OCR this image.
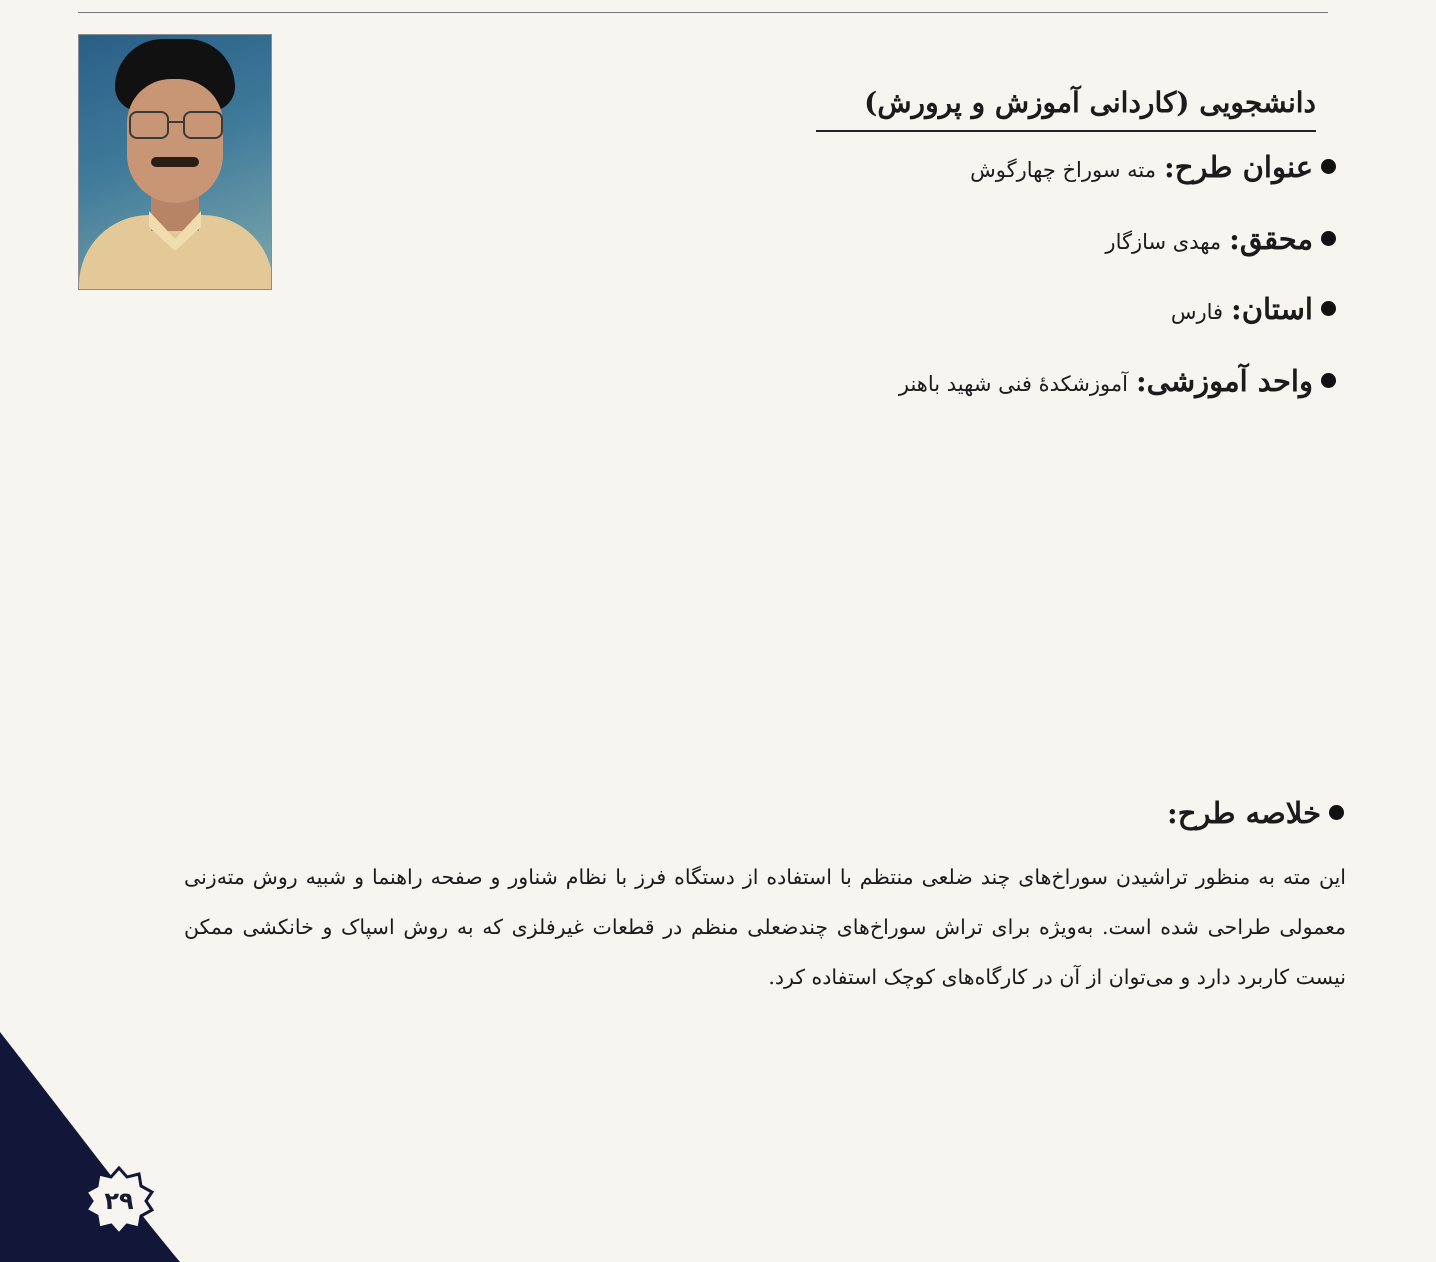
دانشجویی (کاردانی آموزش و پرورش)
عنوان طرح:
مته سوراخ چهارگوش
محقق:
مهدی سازگار
استان:
فارس
واحد آموزشی:
آموزشکدۀ فنی شهید باهنر
خلاصه طرح:
این مته به منظور تراشیدن سوراخ‌های چند ضلعی منتظم با استفاده از دستگاه فرز با نظام شناور و صفحه راهنما و شبیه روش مته‌زنی معمولی طراحی شده است. به‌ویژه برای تراش سوراخ‌های چندضعلی منظم در قطعات غیرفلزی که به روش اسپاک و خانکشی ممکن نیست کاربرد دارد و می‌توان از آن در کارگاه‌های کوچک استفاده کرد.
۲۹
